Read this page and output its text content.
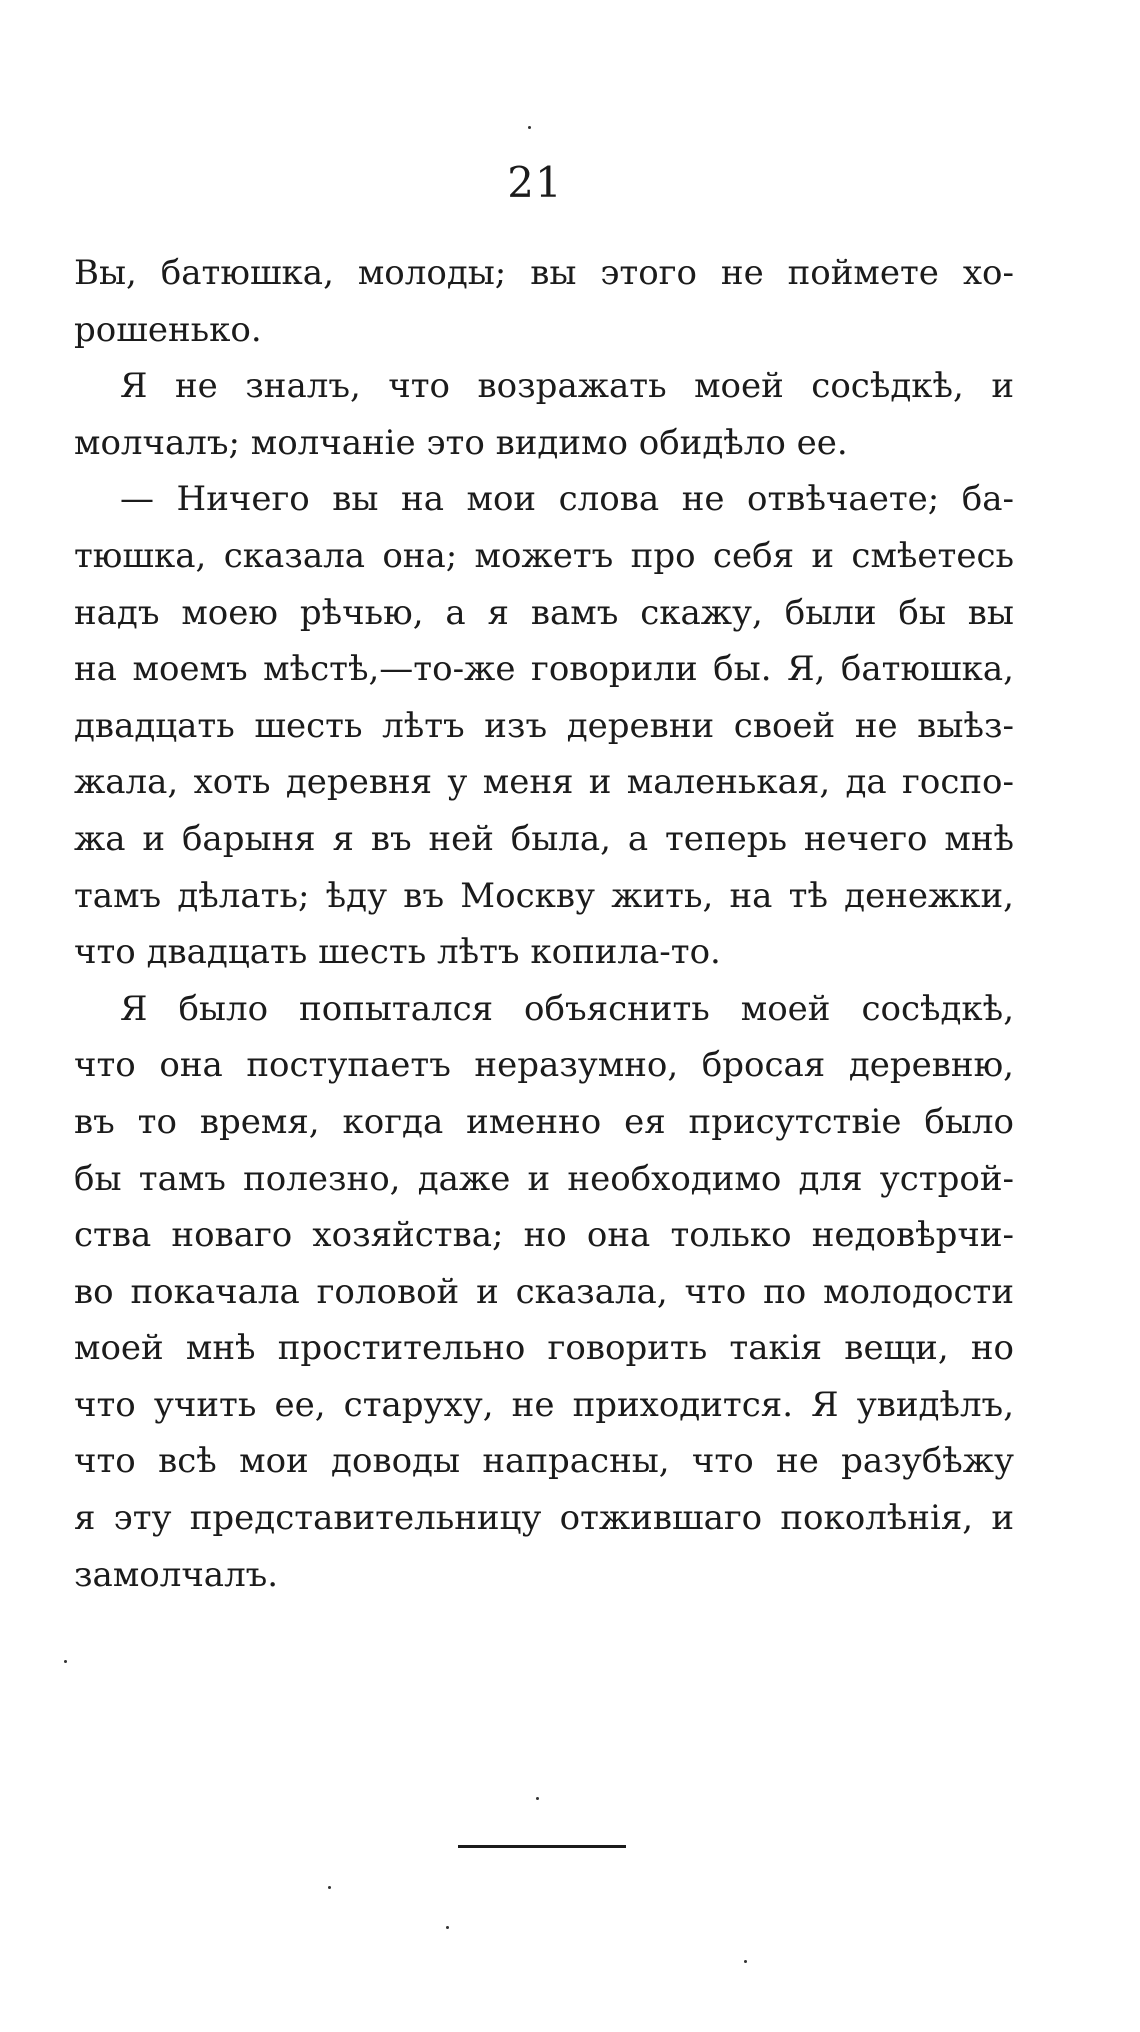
21
Вы, батюшка, молоды; вы этого не поймете хо-
рошенько.
Я не зналъ, что возражать моей сосѣдкѣ, и
молчалъ; молчаніе это видимо обидѣло ее.
— Ничего вы на мои слова не отвѣчаете; ба-
тюшка, сказала она; можетъ про себя и смѣетесь
надъ моею рѣчью, а я вамъ скажу, были бы вы
на моемъ мѣстѣ,—то-же говорили бы. Я, батюшка,
двадцать шесть лѣтъ изъ деревни своей не выѣз-
жала, хоть деревня у меня и маленькая, да госпо-
жа и барыня я въ ней была, а теперь нечего мнѣ
тамъ дѣлать; ѣду въ Москву жить, на тѣ денежки,
что двадцать шесть лѣтъ копила-то.
Я было попытался объяснить моей сосѣдкѣ,
что она поступаетъ неразумно, бросая деревню,
въ то время, когда именно ея присутствіе было
бы тамъ полезно, даже и необходимо для устрой-
ства новаго хозяйства; но она только недовѣрчи-
во покачала головой и сказала, что по молодости
моей мнѣ простительно говорить такія вещи, но
что учить ее, старуху, не приходится. Я увидѣлъ,
что всѣ мои доводы напрасны, что не разубѣжу
я эту представительницу отжившаго поколѣнія, и
замолчалъ.
